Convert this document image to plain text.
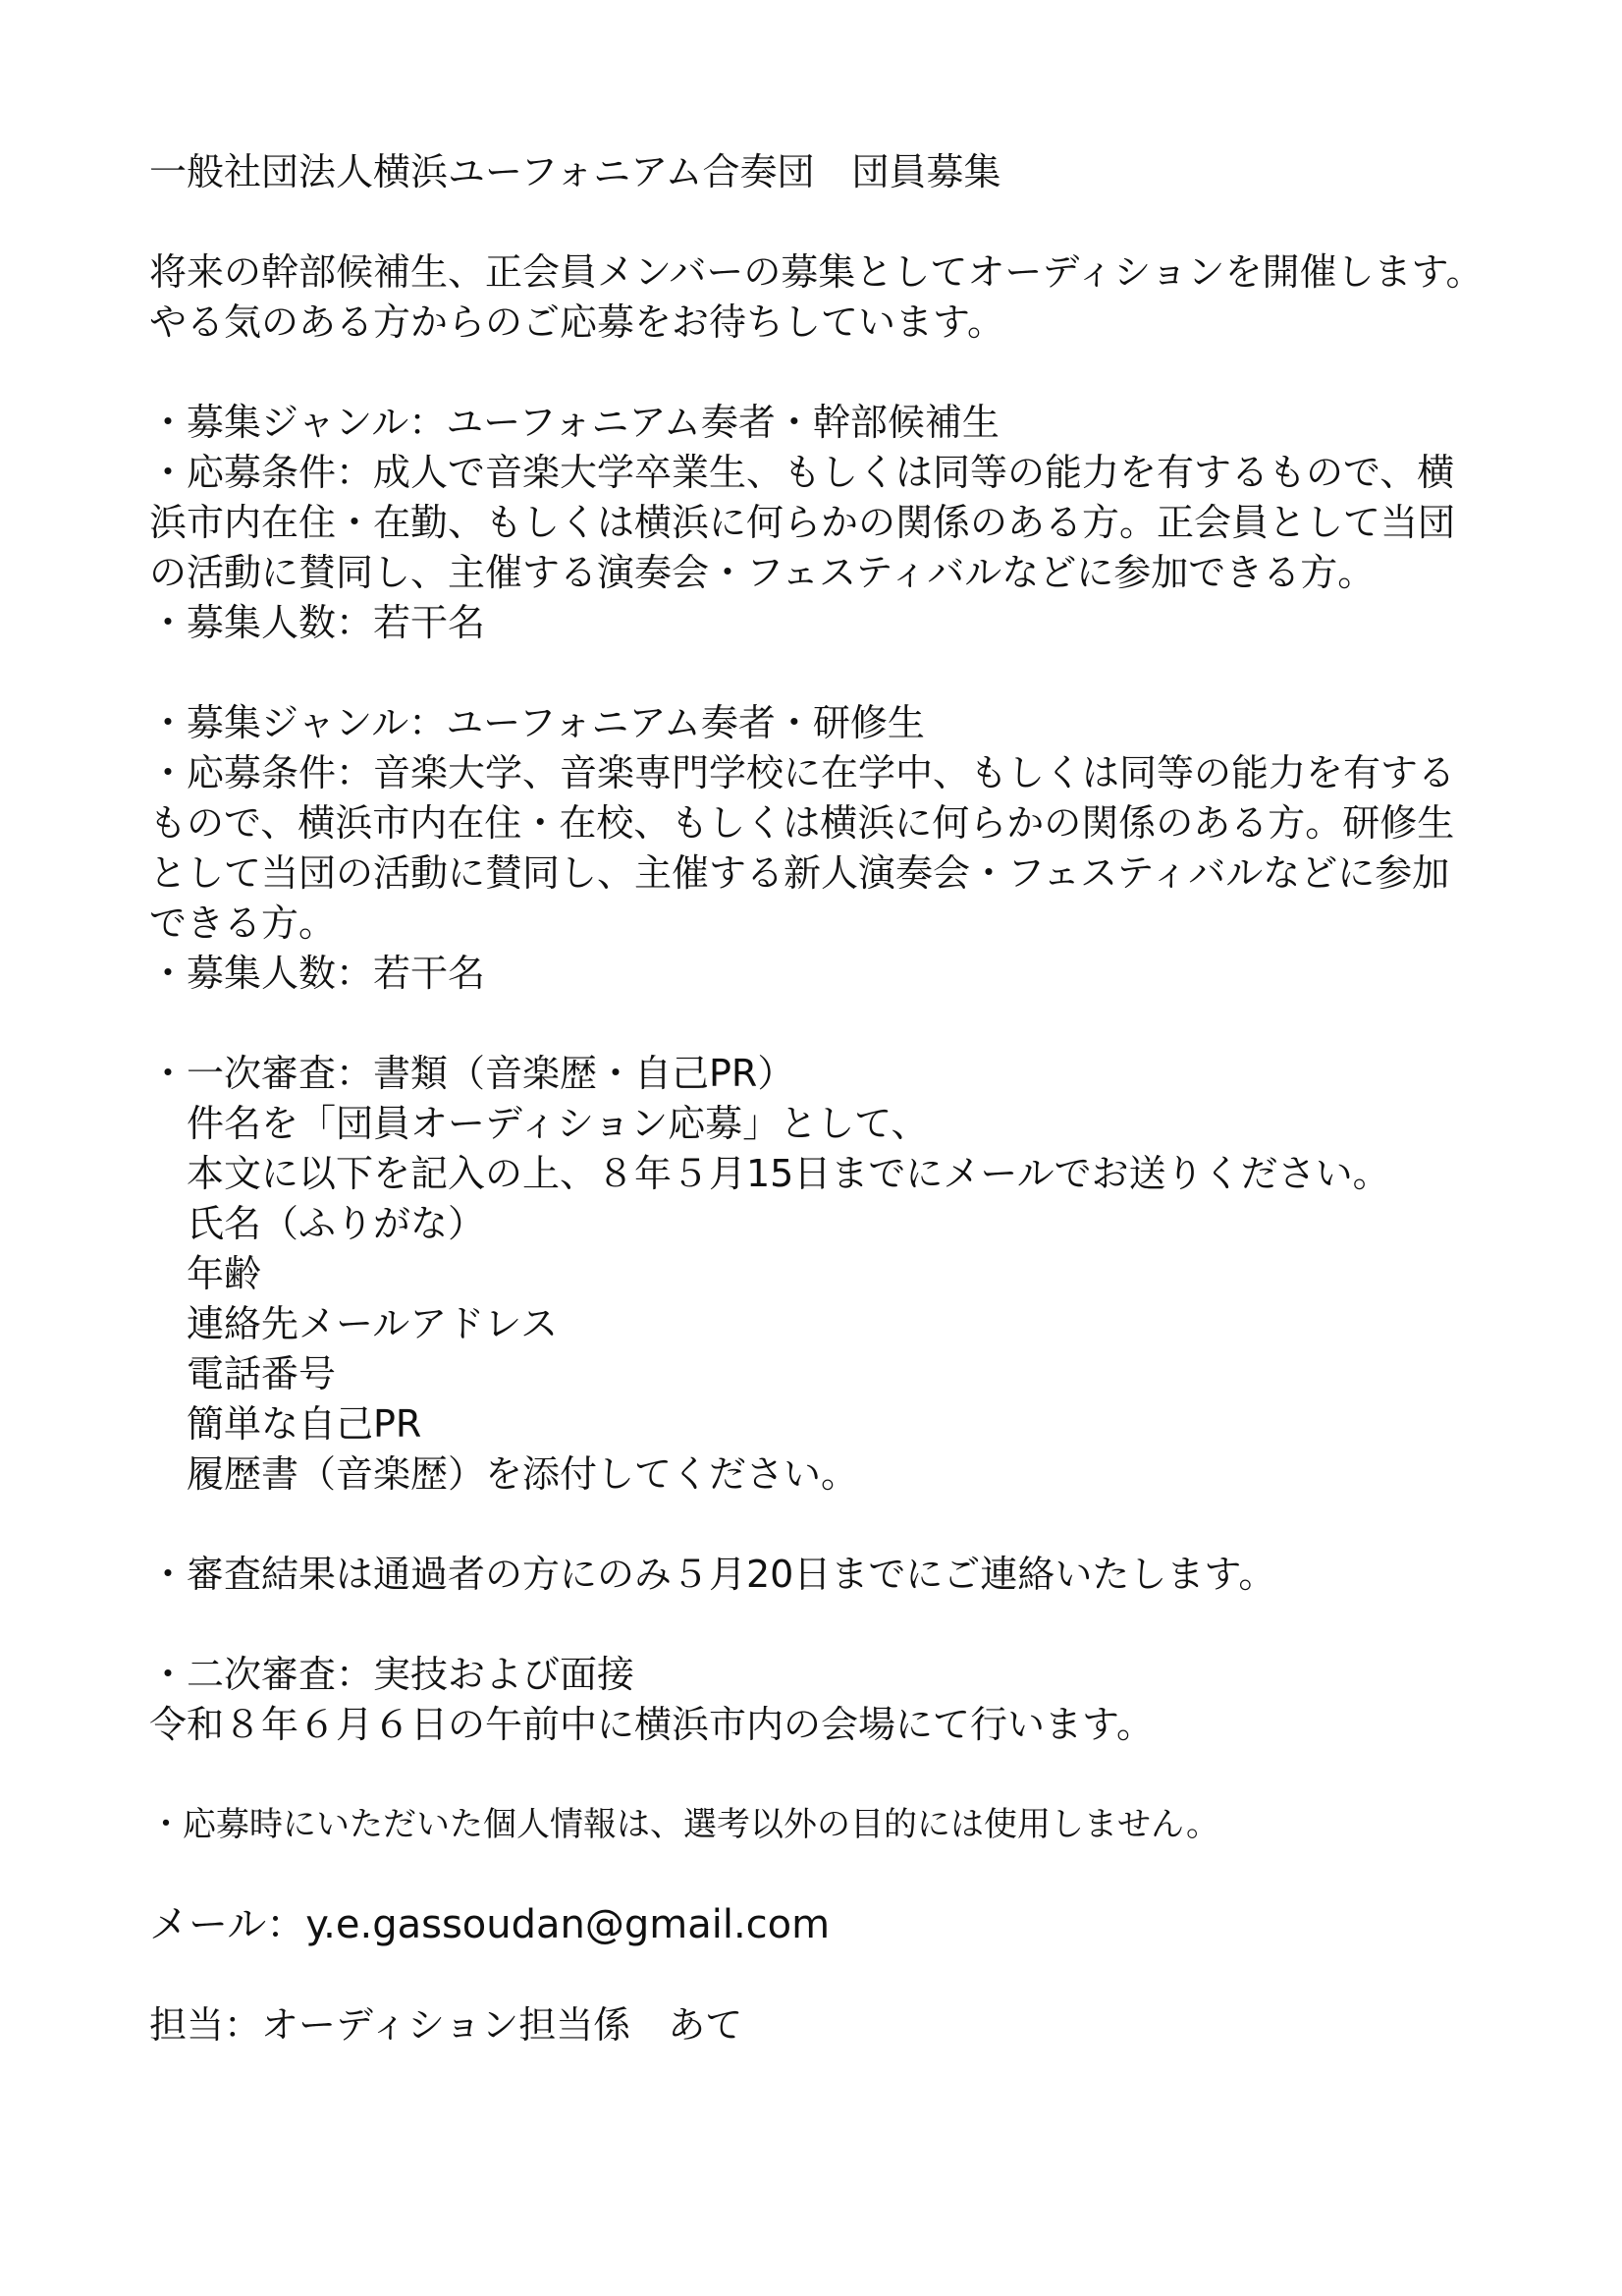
一般社団法人横浜ユーフォニアム合奏団　団員募集

将来の幹部候補生、正会員メンバーの募集としてオーディションを開催します。

やる気のある方からのご応募をお待ちしています。

・募集ジャンル：ユーフォニアム奏者・幹部候補生

・応募条件：成人で音楽大学卒業生、もしくは同等の能力を有するもので、横浜市内在住・在勤、もしくは横浜に何らかの関係のある方。正会員として当団の活動に賛同し、主催する演奏会・フェスティバルなどに参加できる方。

・募集人数：若干名

・募集ジャンル：ユーフォニアム奏者・研修生

・応募条件：音楽大学、音楽専門学校に在学中、もしくは同等の能力を有するもので、横浜市内在住・在校、もしくは横浜に何らかの関係のある方。研修生として当団の活動に賛同し、主催する新人演奏会・フェスティバルなどに参加できる方。

・募集人数：若干名

・一次審査：書類（音楽歴・自己PR）

件名を「団員オーディション応募」として、

本文に以下を記入の上、８年５月15日までにメールでお送りください。

氏名（ふりがな）

年齢

連絡先メールアドレス

電話番号

簡単な自己PR

履歴書（音楽歴）を添付してください。

・審査結果は通過者の方にのみ５月20日までにご連絡いたします。

・二次審査：実技および面接

令和８年６月６日の午前中に横浜市内の会場にて行います。

・応募時にいただいた個人情報は、選考以外の目的には使用しません。

メール：y.e.gassoudan@gmail.com

担当：オーディション担当係　あて
